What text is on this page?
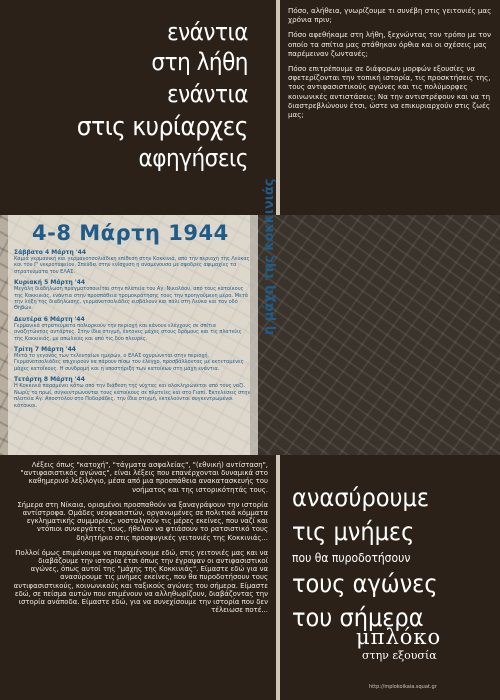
ενάντια
στη λήθη
ενάντια
στις κυρίαρχες
αφηγήσεις

Πόσο, αλήθεια, γνωρίζουμε τι συνέβη στις γειτονιές μας χρόνια πριν;

Πόσο αφεθήκαμε στη λήθη, ξεχνώντας τον τρόπο με τον οποίο τα σπίτια μας στάθηκαν όρθια και οι σχέσεις μας παρέμειναν ζωντανές;

Πόσο επιτρέπουμε σε διάφορων μορφών εξουσίες να σφετερίζονται την τοπική ιστορία, τις προσκτήσεις της, τους αντιφασιστικούς αγώνες και τις πολύμορφες κοινωνικές αντιστάσεις; Να την αντιστρέφουν και να τη διαστρεβλώνουν έτσι, ώστε να επικυριαρχούν στις ζωές μας;

4-8 Μάρτη 1944
Σάββατο 4 Μάρτη '44
Καμιά γερμανική και γερμανοτσολιάδικη επίθεση στην Κοκκινιά, από την περιοχή της Λεύκας και του Γ' νεκροταφείου. Σπεύδει στην ενίσχυση η αναμένουσα με σφοδρές αψιμαχίες τα στρατεύματα του ΕΛΑΣ.
Κυριακή 5 Μάρτη '44
Μεγάλη διαδήλωση πραγματοποιείται στην πλατεία του Αγ. Νικολάου, από τους κατοίκους της Κοκκινιάς, ενάντια στην προσπάθεια τρομοκράτησης τους την προηγούμενη μέρα. Μετά την λήξη της διαδήλωσης, γερμανοτσολιάδες εισβάλουν και πάλι στη Λεύκα και τον οδό Θηβών.
Δευτέρα 6 Μάρτη '44
Γερμανικά στρατεύματα πολιορκούν την περιοχή και κάνουν ελέγχους σε σπίτια αναζητώντας αντάρτες. Στην ίδια στιγμή, έντονες μάχες στους δρόμους και τις πλατείες της Κοκκινιάς, με απώλειες και από τις δύο πλευρές.
Τρίτη 7 Μάρτη '44
Μετά το γεγονός των τελευταίων ημερών, ο ΕΛΑΣ οχυρώνεται στην περιοχή. Γερμανοτσολιάδες επιχειρούν να πάρουν πίσω τον έλεγχο, προσβάλλοντας με εκτεταμένες μάχες κατοίκους. Η συνδρομή και η υποστήριξη των κατοίκων στη μάχη ενάντια.
Τετάρτη 8 Μάρτη '44
Η Κοκκινιά παραμένει κάτω από την διάθεση της νύχτας και ολοκληρώνεται από τους ναζί. Νωρίς το πρωί, συγκεντρώνονται τους κατοίκους σε πλατείες και στο Γιαπί. Εκτελέσεις στην πλατεία Αγ. Αποστόλου στο Ποδαράδες, την ίδια στιγμή, εκτελούνται συγκεντρωμένοι κάτοικοι.
η μάχη της κοκκινιάς

Λέξεις όπως "κατοχή", "τάγματα ασφαλείας", "(εθνική) αντίσταση", "αντιφασιστικός αγώνας", είναι λέξεις που επανέρχονται δυναμικά στο καθημερινό λεξιλόγιο, μέσα από μια προσπάθεια ανακατασκευής του νοήματος και της ιστορικότητάς τους.

Σήμερα στη Νίκαια, ορισμένοι προσπαθούν να ξαναγράψουν την ιστορία αντίστροφα. Ομάδες νεοφασιστών, οργανωμένες σε πολιτικά κόμματα εγκληματικής συμμορίες, νοσταλγούν τις μέρες εκείνες, που ναζί και ντόπιοι συνεργάτες τους, ήθελαν να φτιάσουν το ρατσιστικό τους δηλητήριο στις προσφυγικές γειτονιές της Κοκκινιάς...

Πολλοί όμως επιμένουμε να παραμένουμε εδώ, στις γειτονιές μας και να διαβάζουμε την ιστορία έτσι όπως την έγραψαν οι αντιφασιστικοί αγώνες, όπως αυτοί της "μάχης της Κοκκινιάς". Είμαστε εδώ για να ανασύρουμε τις μνήμες εκείνες, που θα πυροδοτήσουν τους αντιφασιστικούς, κοινωνικούς και ταξικούς αγώνες του σήμερα. Είμαστε εδώ, σε πείσμα αυτών που επιμένουν να αλληθωρίζουν, διαβάζοντας την ιστορία ανάποδα. Είμαστε εδώ, για να συνεχίσουμε την ιστορία που δεν τέλειωσε ποτέ...

ανασύρουμε
τις μνήμες
που θα πυροδοτήσουν
τους αγώνες
του σήμερα
μπλόκο
στην εξουσία
http://mplokoikaia.squat.gr
